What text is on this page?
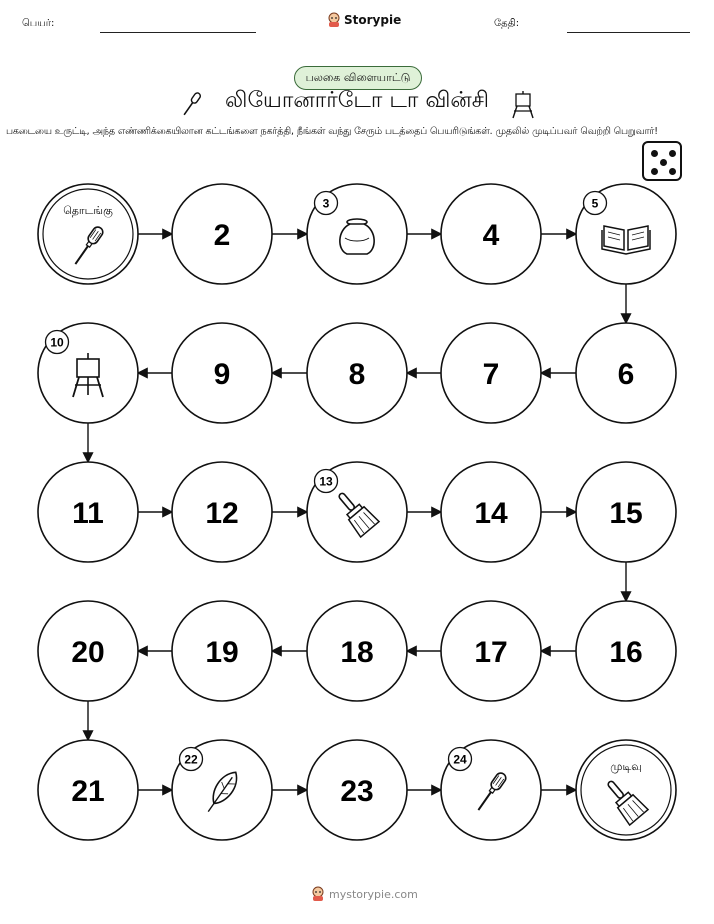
பெயர்:	Storypie	தேதி:
பலகை விளையாட்டு
லியோனார்டோ டா வின்சி
பகடையை உருட்டி, அந்த எண்ணிக்கையிலான கட்டங்களை நகர்த்தி, நீங்கள் வந்து சேரும் படத்தைப் பெயரிடுங்கள். முதலில் முடிப்பவர் வெற்றி பெறுவார்!
தொடங்கு
2
3
4
5
6
7
8
9
10
11	12
13
14	15
16
17
18
19
20
21
22
23
24	முடிவு
mystorypie.com
